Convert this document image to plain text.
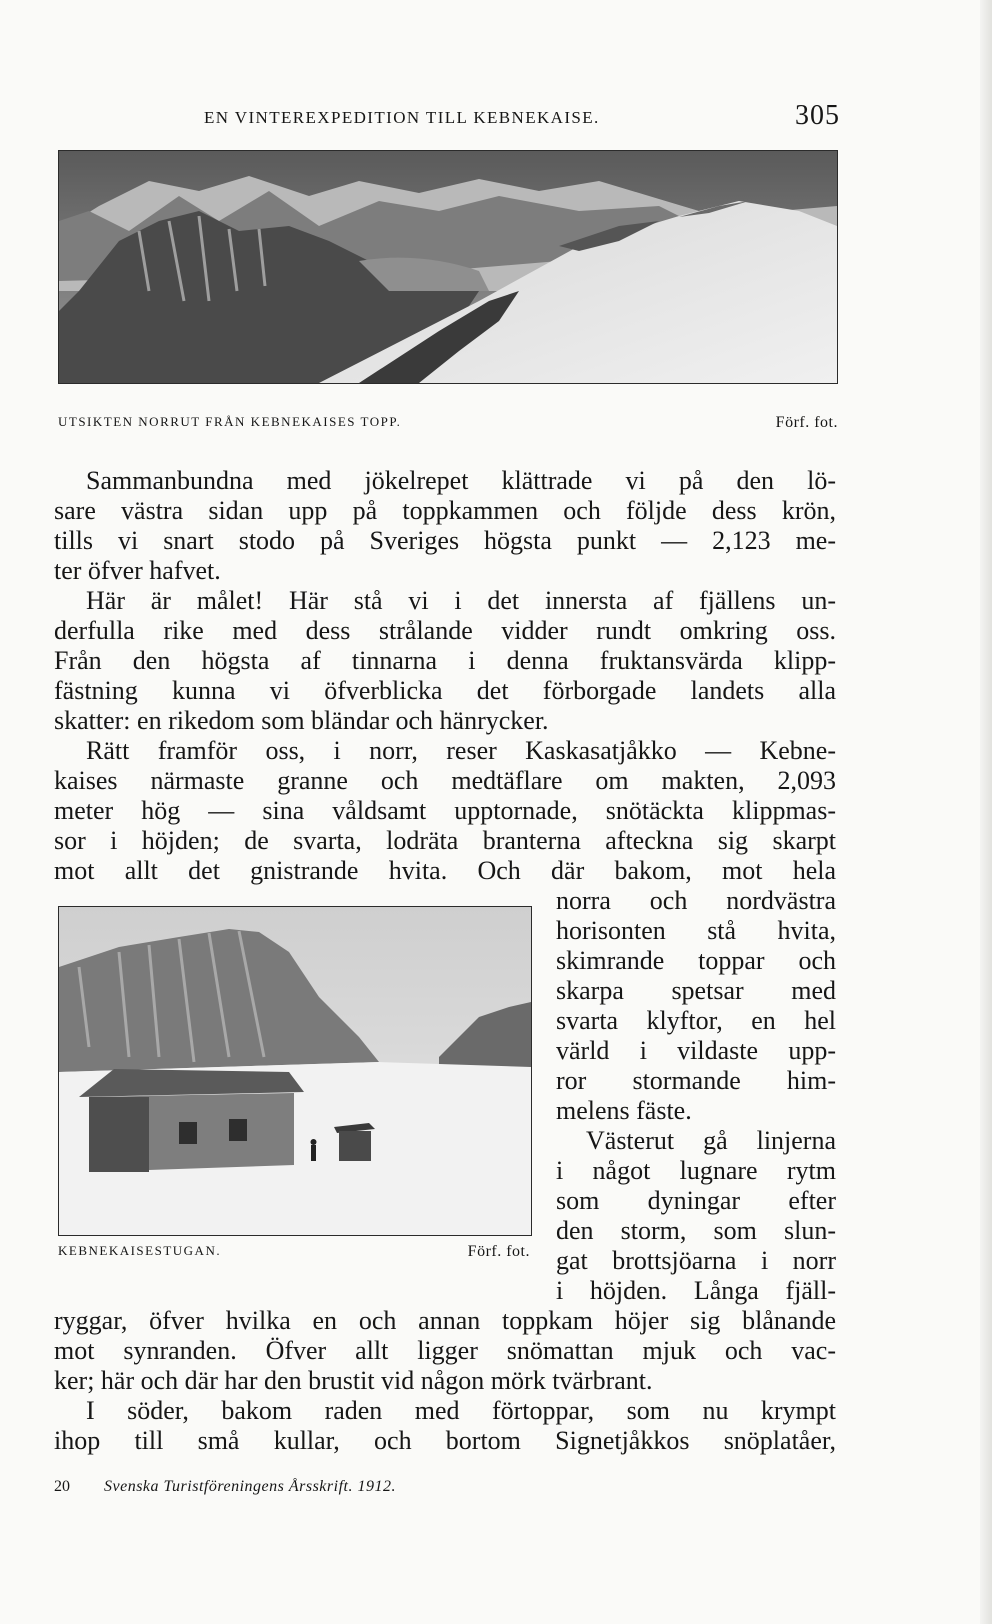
EN VINTEREXPEDITION TILL KEBNEKAISE.	305
UTSIKTEN NORRUT FRÅN KEBNEKAISES TOPP.	Förf. fot.
KEBNEKAISESTUGAN.	Förf. fot.
Sammanbundna med jökelrepet klättrade vi på den lö-
sare västra sidan upp på toppkammen och följde dess krön,
tills vi snart stodo på Sveriges högsta punkt — 2,123 me-
ter öfver hafvet.
Här är målet! Här stå vi i det innersta af fjällens un-
derfulla rike med dess strålande vidder rundt omkring oss.
Från den högsta af tinnarna i denna fruktansvärda klipp-
fästning kunna vi öfverblicka det förborgade landets alla
skatter: en rikedom som bländar och hänrycker.
Rätt framför oss, i norr, reser Kaskasatjåkko — Kebne-
kaises närmaste granne och medtäflare om makten, 2,093
meter hög — sina våldsamt upptornade, snötäckta klippmas-
sor i höjden; de svarta, lodräta branterna afteckna sig skarpt
mot allt det gnistrande hvita. Och där bakom, mot hela
norra och nordvästra
horisonten stå hvita,
skimrande toppar och
skarpa spetsar med
svarta klyftor, en hel
värld i vildaste upp-
ror stormande him-
melens fäste.
Västerut gå linjerna
i något lugnare rytm
som dyningar efter
den storm, som slun-
gat brottsjöarna i norr
i höjden. Långa fjäll-
ryggar, öfver hvilka en och annan toppkam höjer sig blånande
mot synranden. Öfver allt ligger snömattan mjuk och vac-
ker; här och där har den brustit vid någon mörk tvärbrant.
I söder, bakom raden med förtoppar, som nu krympt
ihop till små kullar, och bortom Signetjåkkos snöplatåer,
20 Svenska Turistföreningens Årsskrift. 1912.
